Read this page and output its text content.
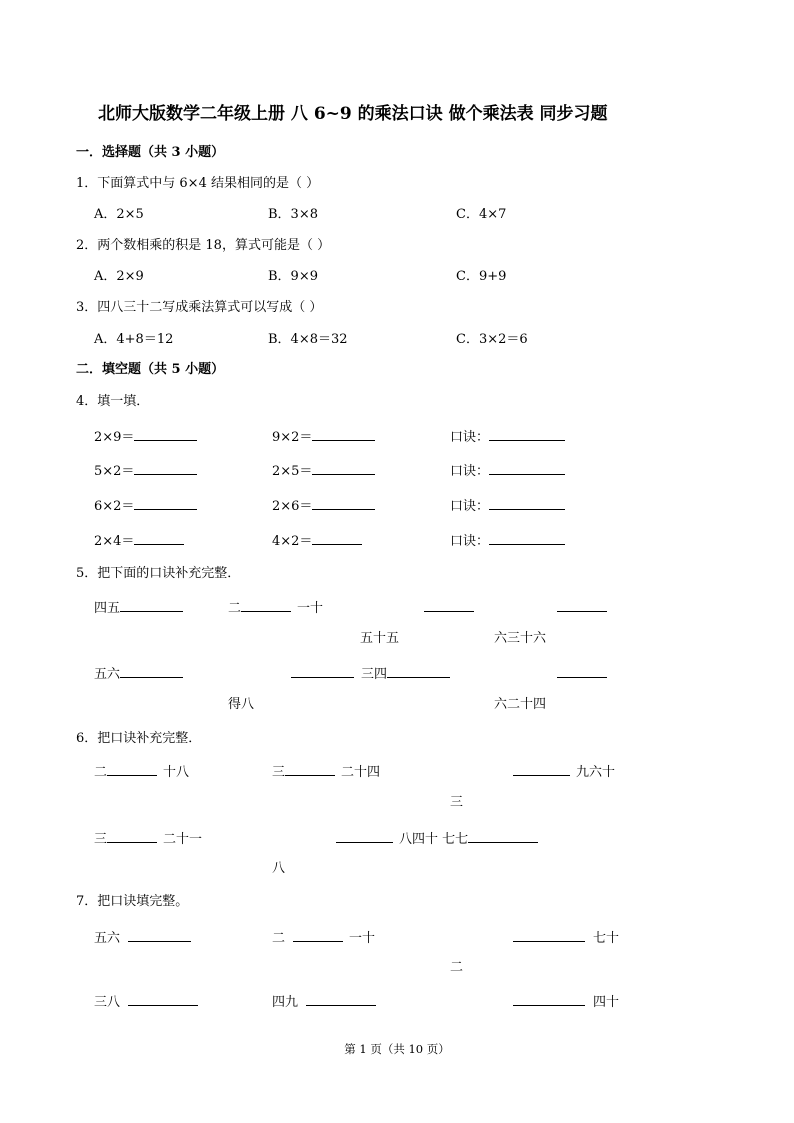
北师大版数学二年级上册 八 6~9 的乘法口诀 做个乘法表 同步习题
一．选择题（共 3 小题）
1．下面算式中与 6×4 结果相同的是（ ）
A．2×5	B．3×8	C．4×7
2．两个数相乘的积是 18，算式可能是（ ）
A．2×9	B．9×9	C．9+9
3．四八三十二写成乘法算式可以写成（ ）
A．4+8＝12	B．4×8＝32	C．3×2＝6
二．填空题（共 5 小题）
4．填一填．
2×9＝	9×2＝	口诀：
5×2＝	2×5＝	口诀：
6×2＝	2×6＝	口诀：
2×4＝	4×2＝	口诀：
5．把下面的口诀补充完整．
四五	二	一十
五十五	六三十六
五六	三四
得八	六二十四
6．把口诀补充完整．
二	十八	三	二十四	九六十
三
三	二十一	八四十 七七
八
7．把口诀填完整。
五六	二	一十	七十
二
三八	四九	四十
第 1 页（共 10 页）
